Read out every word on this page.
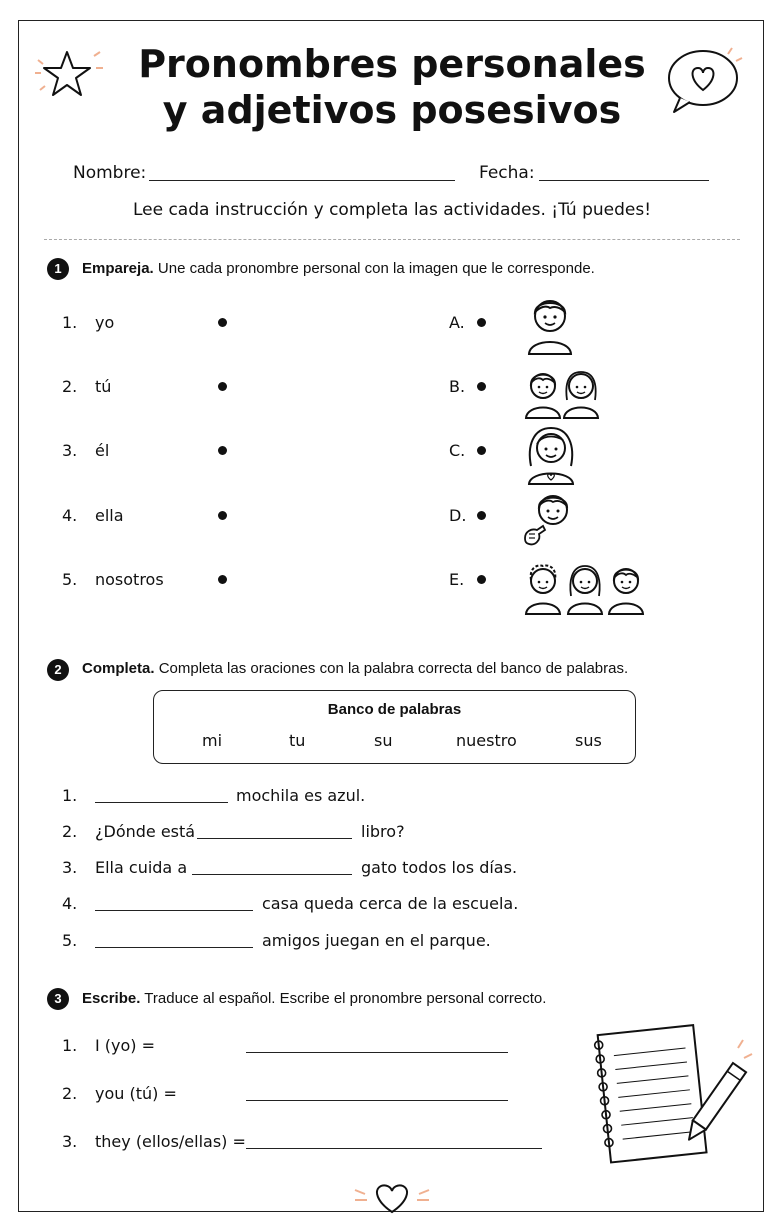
Pronombres personales
y adjetivos posesivos
Nombre:	Fecha:
Lee cada instrucción y completa las actividades. ¡Tú puedes!
1	Empareja. Une cada pronombre personal con la imagen que le corresponde.
1. yo	A.
2. tú	B.
3. él	C.
4. ella	D.
5. nosotros	E.
2	Completa. Completa las oraciones con la palabra correcta del banco de palabras.
Banco de palabras
mi	tu	su	nuestro	sus
1.	mochila es azul.
2. ¿Dónde está	libro?
3. Ella cuida a	gato todos los días.
4.	casa queda cerca de la escuela.
5.	amigos juegan en el parque.
3	Escribe. Traduce al español. Escribe el pronombre personal correcto.
1. I (yo) =
2. you (tú) =
3. they (ellos/ellas) =
